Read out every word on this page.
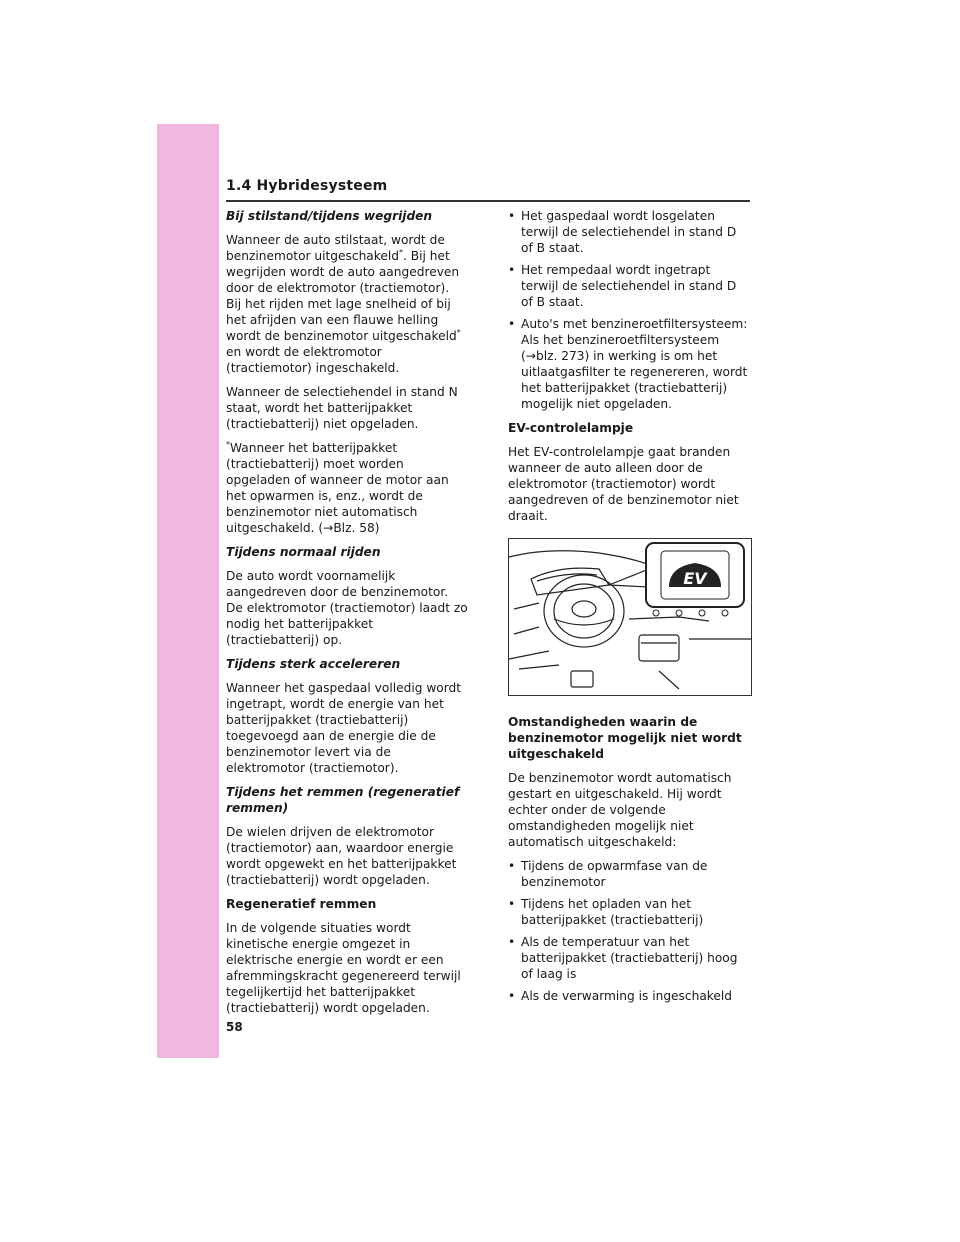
1.4 Hybridesysteem

Bij stilstand/tijdens wegrijden

Wanneer de auto stilstaat, wordt de benzinemotor uitgeschakeld*. Bij het wegrijden wordt de auto aangedreven door de elektromotor (tractiemotor). Bij het rijden met lage snelheid of bij het afrijden van een flauwe helling wordt de benzinemotor uitgeschakeld* en wordt de elektromotor (tractiemotor) ingeschakeld.

Wanneer de selectiehendel in stand N staat, wordt het batterijpakket (tractiebatterij) niet opgeladen.

*Wanneer het batterijpakket (tractiebatterij) moet worden opgeladen of wanneer de motor aan het opwarmen is, enz., wordt de benzinemotor niet automatisch uitgeschakeld. (→Blz. 58)

Tijdens normaal rijden

De auto wordt voornamelijk aangedreven door de benzinemotor. De elektromotor (tractiemotor) laadt zo nodig het batterijpakket (tractiebatterij) op.

Tijdens sterk accelereren

Wanneer het gaspedaal volledig wordt ingetrapt, wordt de energie van het batterijpakket (tractiebatterij) toegevoegd aan de energie die de benzinemotor levert via de elektromotor (tractiemotor).

Tijdens het remmen (regeneratief remmen)

De wielen drijven de elektromotor (tractiemotor) aan, waardoor energie wordt opgewekt en het batterijpakket (tractiebatterij) wordt opgeladen.

Regeneratief remmen

In de volgende situaties wordt kinetische energie omgezet in elektrische energie en wordt er een afremmingskracht gegenereerd terwijl tegelijkertijd het batterijpakket (tractiebatterij) wordt opgeladen.

• Het gaspedaal wordt losgelaten terwijl de selectiehendel in stand D of B staat.
• Het rempedaal wordt ingetrapt terwijl de selectiehendel in stand D of B staat.
• Auto's met benzineroetfiltersysteem: Als het benzineroetfiltersysteem (→blz. 273) in werking is om het uitlaatgasfilter te regenereren, wordt het batterijpakket (tractiebatterij) mogelijk niet opgeladen.

EV-controlelampje

Het EV-controlelampje gaat branden wanneer de auto alleen door de elektromotor (tractiemotor) wordt aangedreven of de benzinemotor niet draait.

EV

Omstandigheden waarin de benzinemotor mogelijk niet wordt uitgeschakeld

De benzinemotor wordt automatisch gestart en uitgeschakeld. Hij wordt echter onder de volgende omstandigheden mogelijk niet automatisch uitgeschakeld:

• Tijdens de opwarmfase van de benzinemotor
• Tijdens het opladen van het batterijpakket (tractiebatterij)
• Als de temperatuur van het batterijpakket (tractiebatterij) hoog of laag is
• Als de verwarming is ingeschakeld
58
